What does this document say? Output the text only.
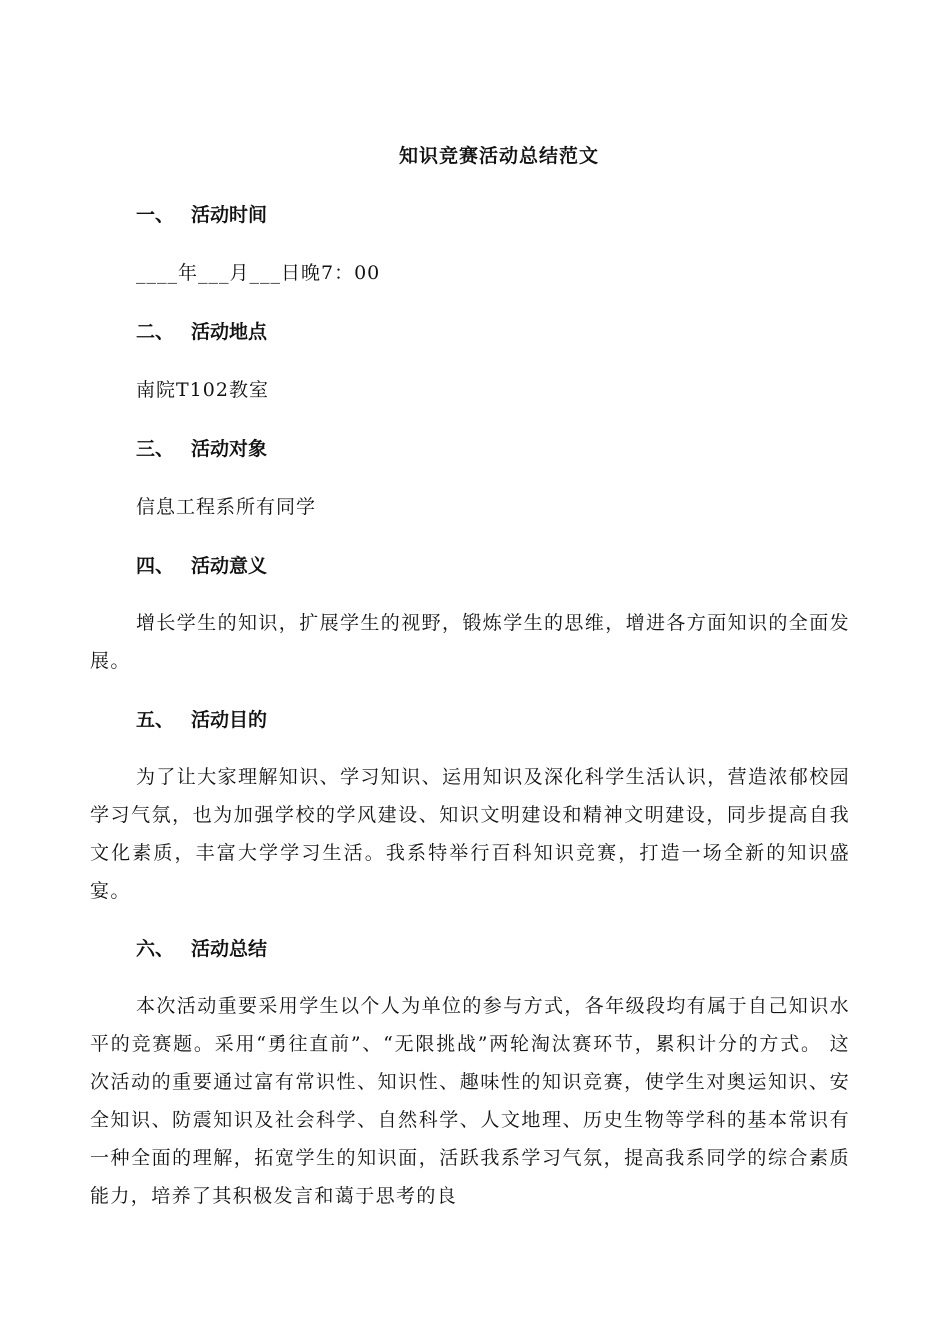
知识竞赛活动总结范文
一、 活动时间
____年___月___日晚7：00
二、 活动地点
南院T102教室
三、 活动对象
信息工程系所有同学
四、 活动意义
增长学生的知识，扩展学生的视野，锻炼学生的思维，增进各方面知识的全面发展。
五、 活动目的
为了让大家理解知识、学习知识、运用知识及深化科学生活认识，营造浓郁校园学习气氛，也为加强学校的学风建设、知识文明建设和精神文明建设，同步提高自我文化素质，丰富大学学习生活。我系特举行百科知识竞赛，打造一场全新的知识盛宴。
六、 活动总结
本次活动重要采用学生以个人为单位的参与方式，各年级段均有属于自己知识水平的竞赛题。采用“勇往直前”、“无限挑战”两轮淘汰赛环节，累积计分的方式。 这次活动的重要通过富有常识性、知识性、趣味性的知识竞赛，使学生对奥运知识、安全知识、防震知识及社会科学、自然科学、人文地理、历史生物等学科的基本常识有一种全面的理解，拓宽学生的知识面，活跃我系学习气氛，提高我系同学的综合素质能力，培养了其积极发言和蔼于思考的良
